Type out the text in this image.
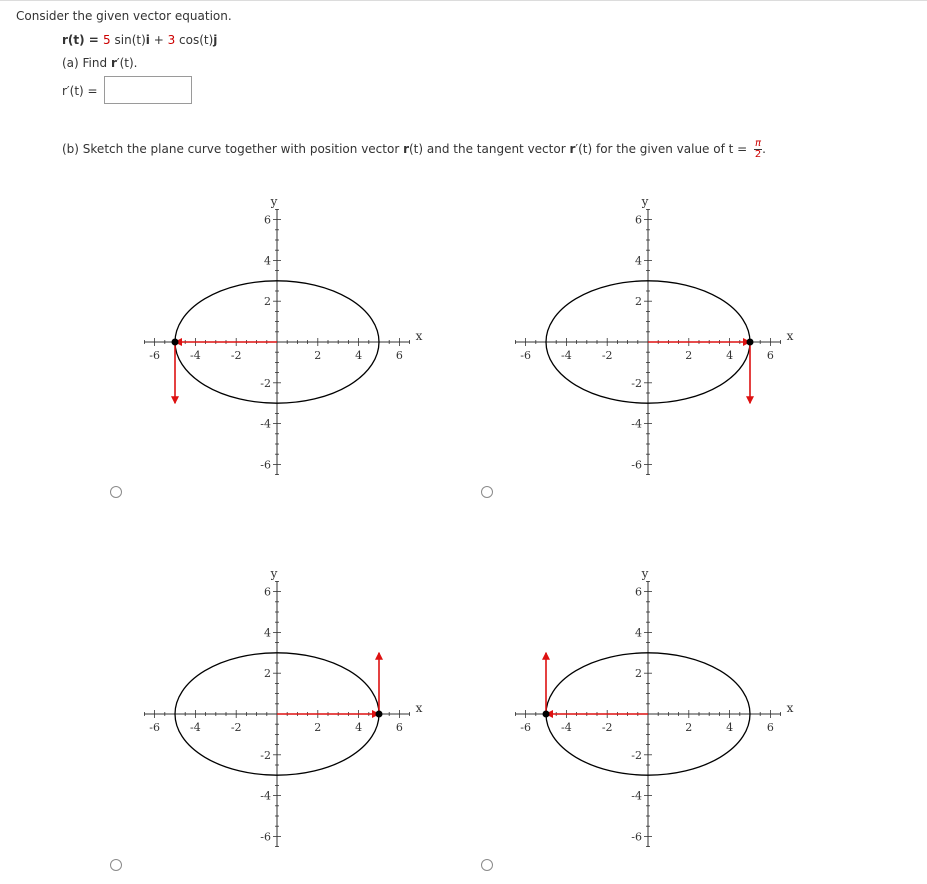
Consider the given vector equation.
r(t) = 5 sin(t)i + 3 cos(t)j
(a) Find r′(t).
r′(t) =
(b) Sketch the plane curve together with position vector r(t) and the tangent vector r′(t) for the given value of $t = \frac{\pi}{2}$ .
-6	-4	-2	2	4	6
6
4
2
-2
-4
-6
x
y
-6	-4	-2	2	4	6
6
4
2
-2
-4
-6
x
y
-6	-4	-2	2	4	6
6
4
2
-2
-4
-6
x
y
-6	-4	-2	2	4	6
6
4
2
-2
-4
-6
x
y
